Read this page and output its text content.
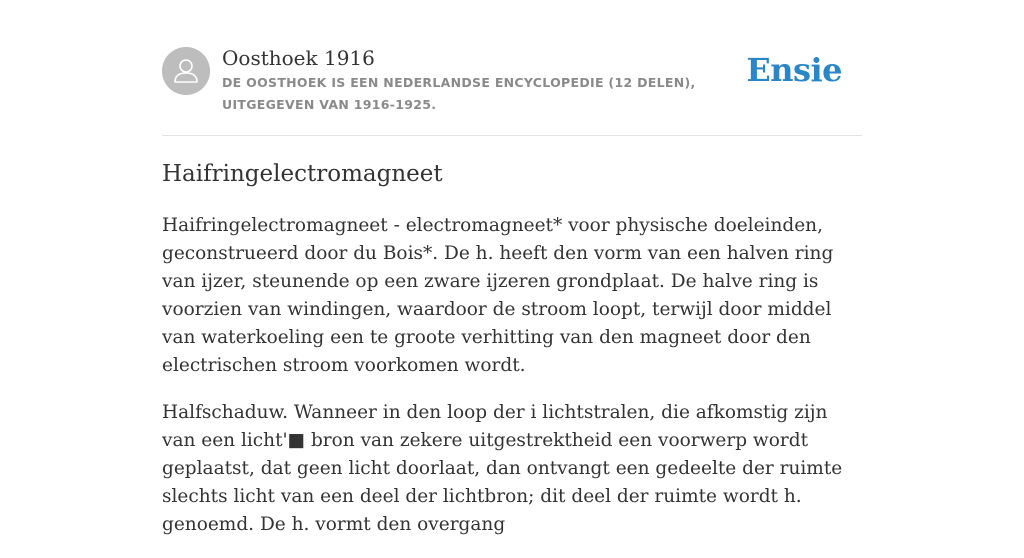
Oosthoek 1916
DE OOSTHOEK IS EEN NEDERLANDSE ENCYCLOPEDIE (12 DELEN), UITGEGEVEN VAN 1916-1925.
Ensie
Haifringelectromagneet

Haifringelectromagneet - electromagneet* voor physische doeleinden, geconstrueerd door du Bois*. De h. heeft den vorm van een halven ring van ijzer, steunende op een zware ijzeren grondplaat. De halve ring is voorzien van windingen, waardoor de stroom loopt, terwijl door middel van waterkoeling een te groote verhitting van den magneet door den electrischen stroom voorkomen wordt.

Halfschaduw. Wanneer in den loop der i lichtstralen, die afkomstig zijn van een licht'■ bron van zekere uitgestrektheid een voorwerp wordt geplaatst, dat geen licht doorlaat, dan ontvangt een gedeelte der ruimte slechts licht van een deel der lichtbron; dit deel der ruimte wordt h. genoemd. De h. vormt den overgang
